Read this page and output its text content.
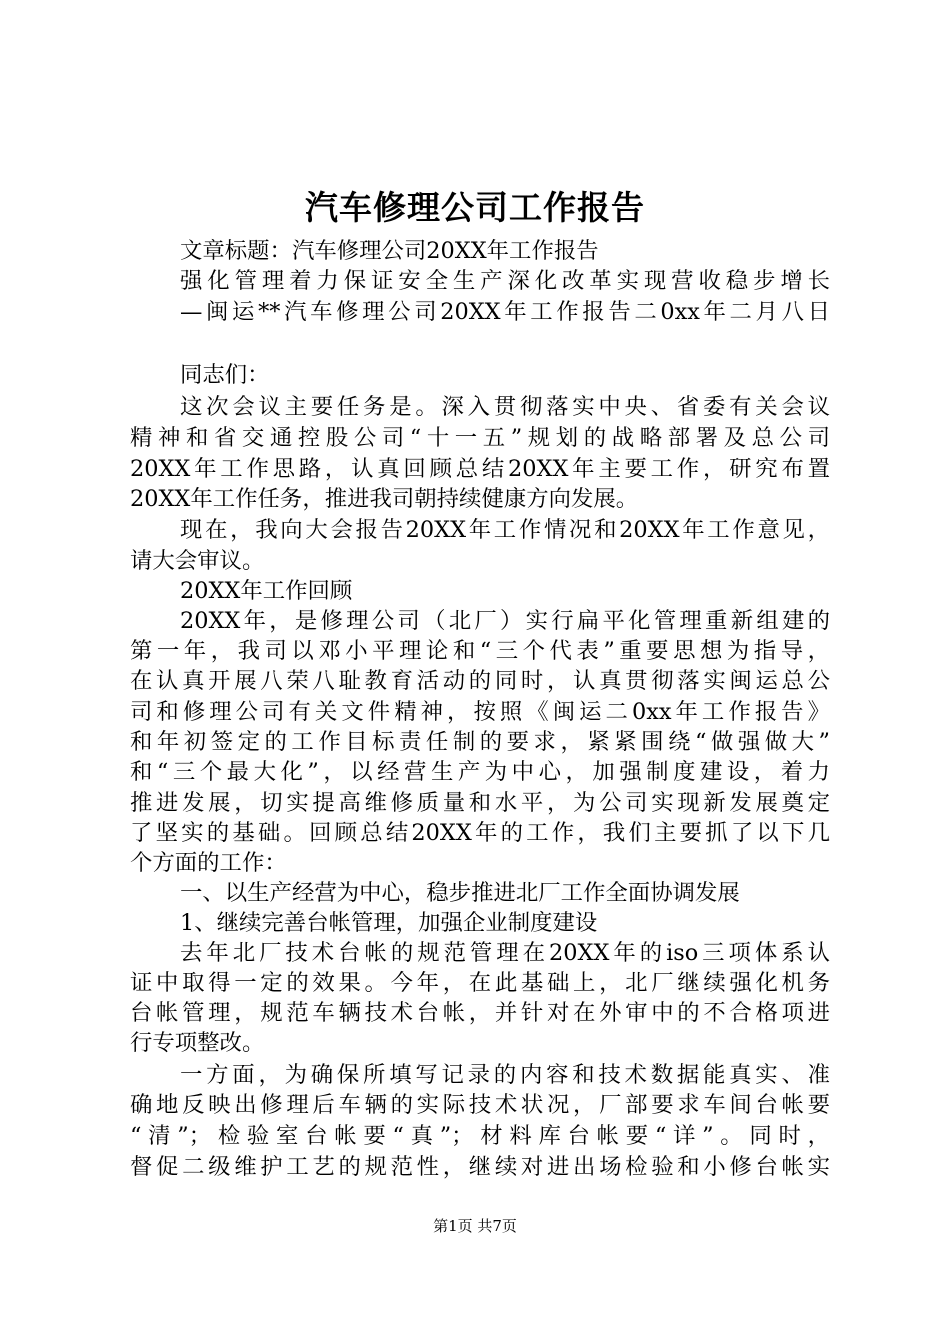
汽车修理公司工作报告
文章标题：汽车修理公司20XX年工作报告
强化管理着力保证安全生产深化改革实现营收稳步增长
—闽运**汽车修理公司20XX年工作报告二0xx年二月八日
同志们：
这次会议主要任务是。深入贯彻落实中央、省委有关会议
精神和省交通控股公司“十一五”规划的战略部署及总公司
20XX年工作思路，认真回顾总结20XX年主要工作，研究布置
20XX年工作任务，推进我司朝持续健康方向发展。
现在，我向大会报告20XX年工作情况和20XX年工作意见，
请大会审议。
20XX年工作回顾
20XX年，是修理公司（北厂）实行扁平化管理重新组建的
第一年，我司以邓小平理论和“三个代表”重要思想为指导，
在认真开展八荣八耻教育活动的同时，认真贯彻落实闽运总公
司和修理公司有关文件精神，按照《闽运二0xx年工作报告》
和年初签定的工作目标责任制的要求，紧紧围绕“做强做大”
和“三个最大化”，以经营生产为中心，加强制度建设，着力
推进发展，切实提高维修质量和水平，为公司实现新发展奠定
了坚实的基础。回顾总结20XX年的工作，我们主要抓了以下几
个方面的工作：
一、以生产经营为中心，稳步推进北厂工作全面协调发展
1、继续完善台帐管理，加强企业制度建设
去年北厂技术台帐的规范管理在20XX年的iso三项体系认
证中取得一定的效果。今年，在此基础上，北厂继续强化机务
台帐管理，规范车辆技术台帐，并针对在外审中的不合格项进
行专项整改。
一方面，为确保所填写记录的内容和技术数据能真实、准
确地反映出修理后车辆的实际技术状况，厂部要求车间台帐要
“清”；检验室台帐要“真”；材料库台帐要“详”。同时，
督促二级维护工艺的规范性，继续对进出场检验和小修台帐实
第1页 共7页
